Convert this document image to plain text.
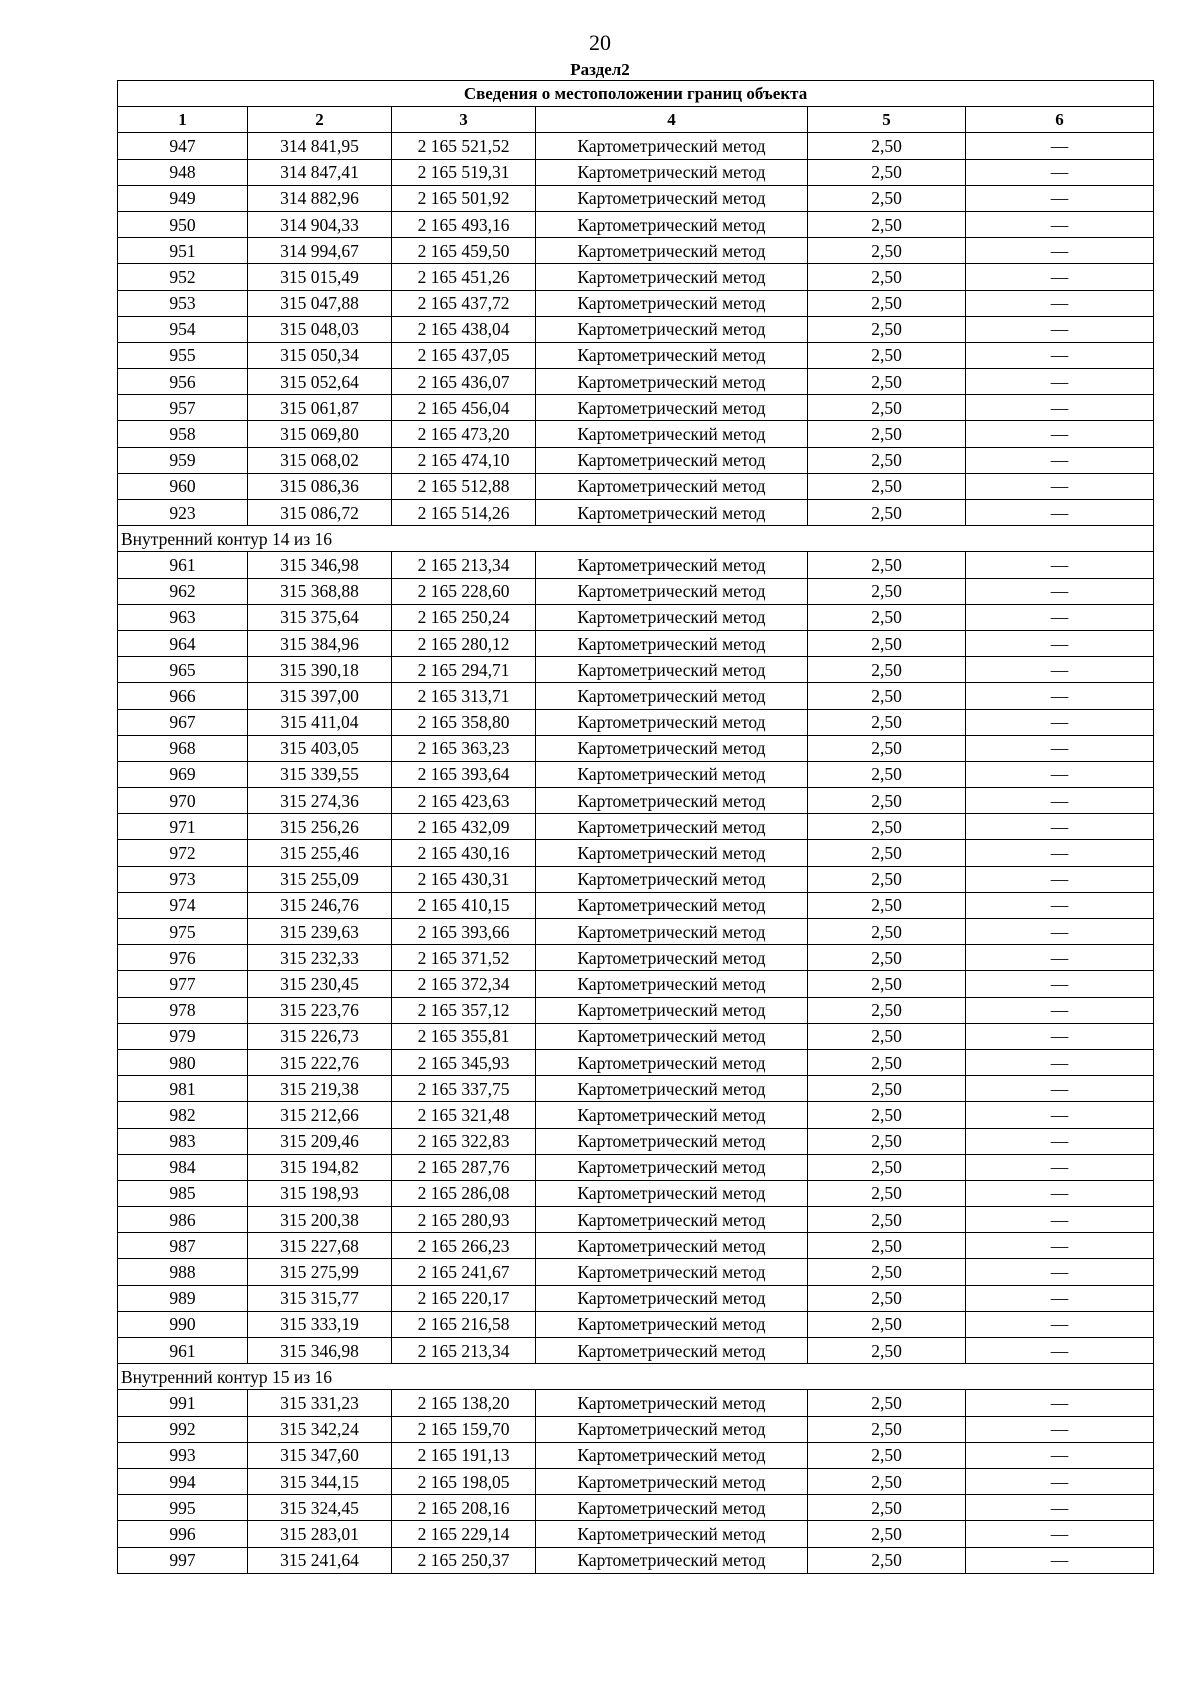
20
Раздел2
Сведения о местоположении границ объекта					
1	2	3	4	5	6
947	314 841,95	2 165 521,52	Картометрический метод	2,50	—
948	314 847,41	2 165 519,31	Картометрический метод	2,50	—
949	314 882,96	2 165 501,92	Картометрический метод	2,50	—
950	314 904,33	2 165 493,16	Картометрический метод	2,50	—
951	314 994,67	2 165 459,50	Картометрический метод	2,50	—
952	315 015,49	2 165 451,26	Картометрический метод	2,50	—
953	315 047,88	2 165 437,72	Картометрический метод	2,50	—
954	315 048,03	2 165 438,04	Картометрический метод	2,50	—
955	315 050,34	2 165 437,05	Картометрический метод	2,50	—
956	315 052,64	2 165 436,07	Картометрический метод	2,50	—
957	315 061,87	2 165 456,04	Картометрический метод	2,50	—
958	315 069,80	2 165 473,20	Картометрический метод	2,50	—
959	315 068,02	2 165 474,10	Картометрический метод	2,50	—
960	315 086,36	2 165 512,88	Картометрический метод	2,50	—
923	315 086,72	2 165 514,26	Картометрический метод	2,50	—
Внутренний контур 14 из 16					
961	315 346,98	2 165 213,34	Картометрический метод	2,50	—
962	315 368,88	2 165 228,60	Картометрический метод	2,50	—
963	315 375,64	2 165 250,24	Картометрический метод	2,50	—
964	315 384,96	2 165 280,12	Картометрический метод	2,50	—
965	315 390,18	2 165 294,71	Картометрический метод	2,50	—
966	315 397,00	2 165 313,71	Картометрический метод	2,50	—
967	315 411,04	2 165 358,80	Картометрический метод	2,50	—
968	315 403,05	2 165 363,23	Картометрический метод	2,50	—
969	315 339,55	2 165 393,64	Картометрический метод	2,50	—
970	315 274,36	2 165 423,63	Картометрический метод	2,50	—
971	315 256,26	2 165 432,09	Картометрический метод	2,50	—
972	315 255,46	2 165 430,16	Картометрический метод	2,50	—
973	315 255,09	2 165 430,31	Картометрический метод	2,50	—
974	315 246,76	2 165 410,15	Картометрический метод	2,50	—
975	315 239,63	2 165 393,66	Картометрический метод	2,50	—
976	315 232,33	2 165 371,52	Картометрический метод	2,50	—
977	315 230,45	2 165 372,34	Картометрический метод	2,50	—
978	315 223,76	2 165 357,12	Картометрический метод	2,50	—
979	315 226,73	2 165 355,81	Картометрический метод	2,50	—
980	315 222,76	2 165 345,93	Картометрический метод	2,50	—
981	315 219,38	2 165 337,75	Картометрический метод	2,50	—
982	315 212,66	2 165 321,48	Картометрический метод	2,50	—
983	315 209,46	2 165 322,83	Картометрический метод	2,50	—
984	315 194,82	2 165 287,76	Картометрический метод	2,50	—
985	315 198,93	2 165 286,08	Картометрический метод	2,50	—
986	315 200,38	2 165 280,93	Картометрический метод	2,50	—
987	315 227,68	2 165 266,23	Картометрический метод	2,50	—
988	315 275,99	2 165 241,67	Картометрический метод	2,50	—
989	315 315,77	2 165 220,17	Картометрический метод	2,50	—
990	315 333,19	2 165 216,58	Картометрический метод	2,50	—
961	315 346,98	2 165 213,34	Картометрический метод	2,50	—
Внутренний контур 15 из 16					
991	315 331,23	2 165 138,20	Картометрический метод	2,50	—
992	315 342,24	2 165 159,70	Картометрический метод	2,50	—
993	315 347,60	2 165 191,13	Картометрический метод	2,50	—
994	315 344,15	2 165 198,05	Картометрический метод	2,50	—
995	315 324,45	2 165 208,16	Картометрический метод	2,50	—
996	315 283,01	2 165 229,14	Картометрический метод	2,50	—
997	315 241,64	2 165 250,37	Картометрический метод	2,50	—
